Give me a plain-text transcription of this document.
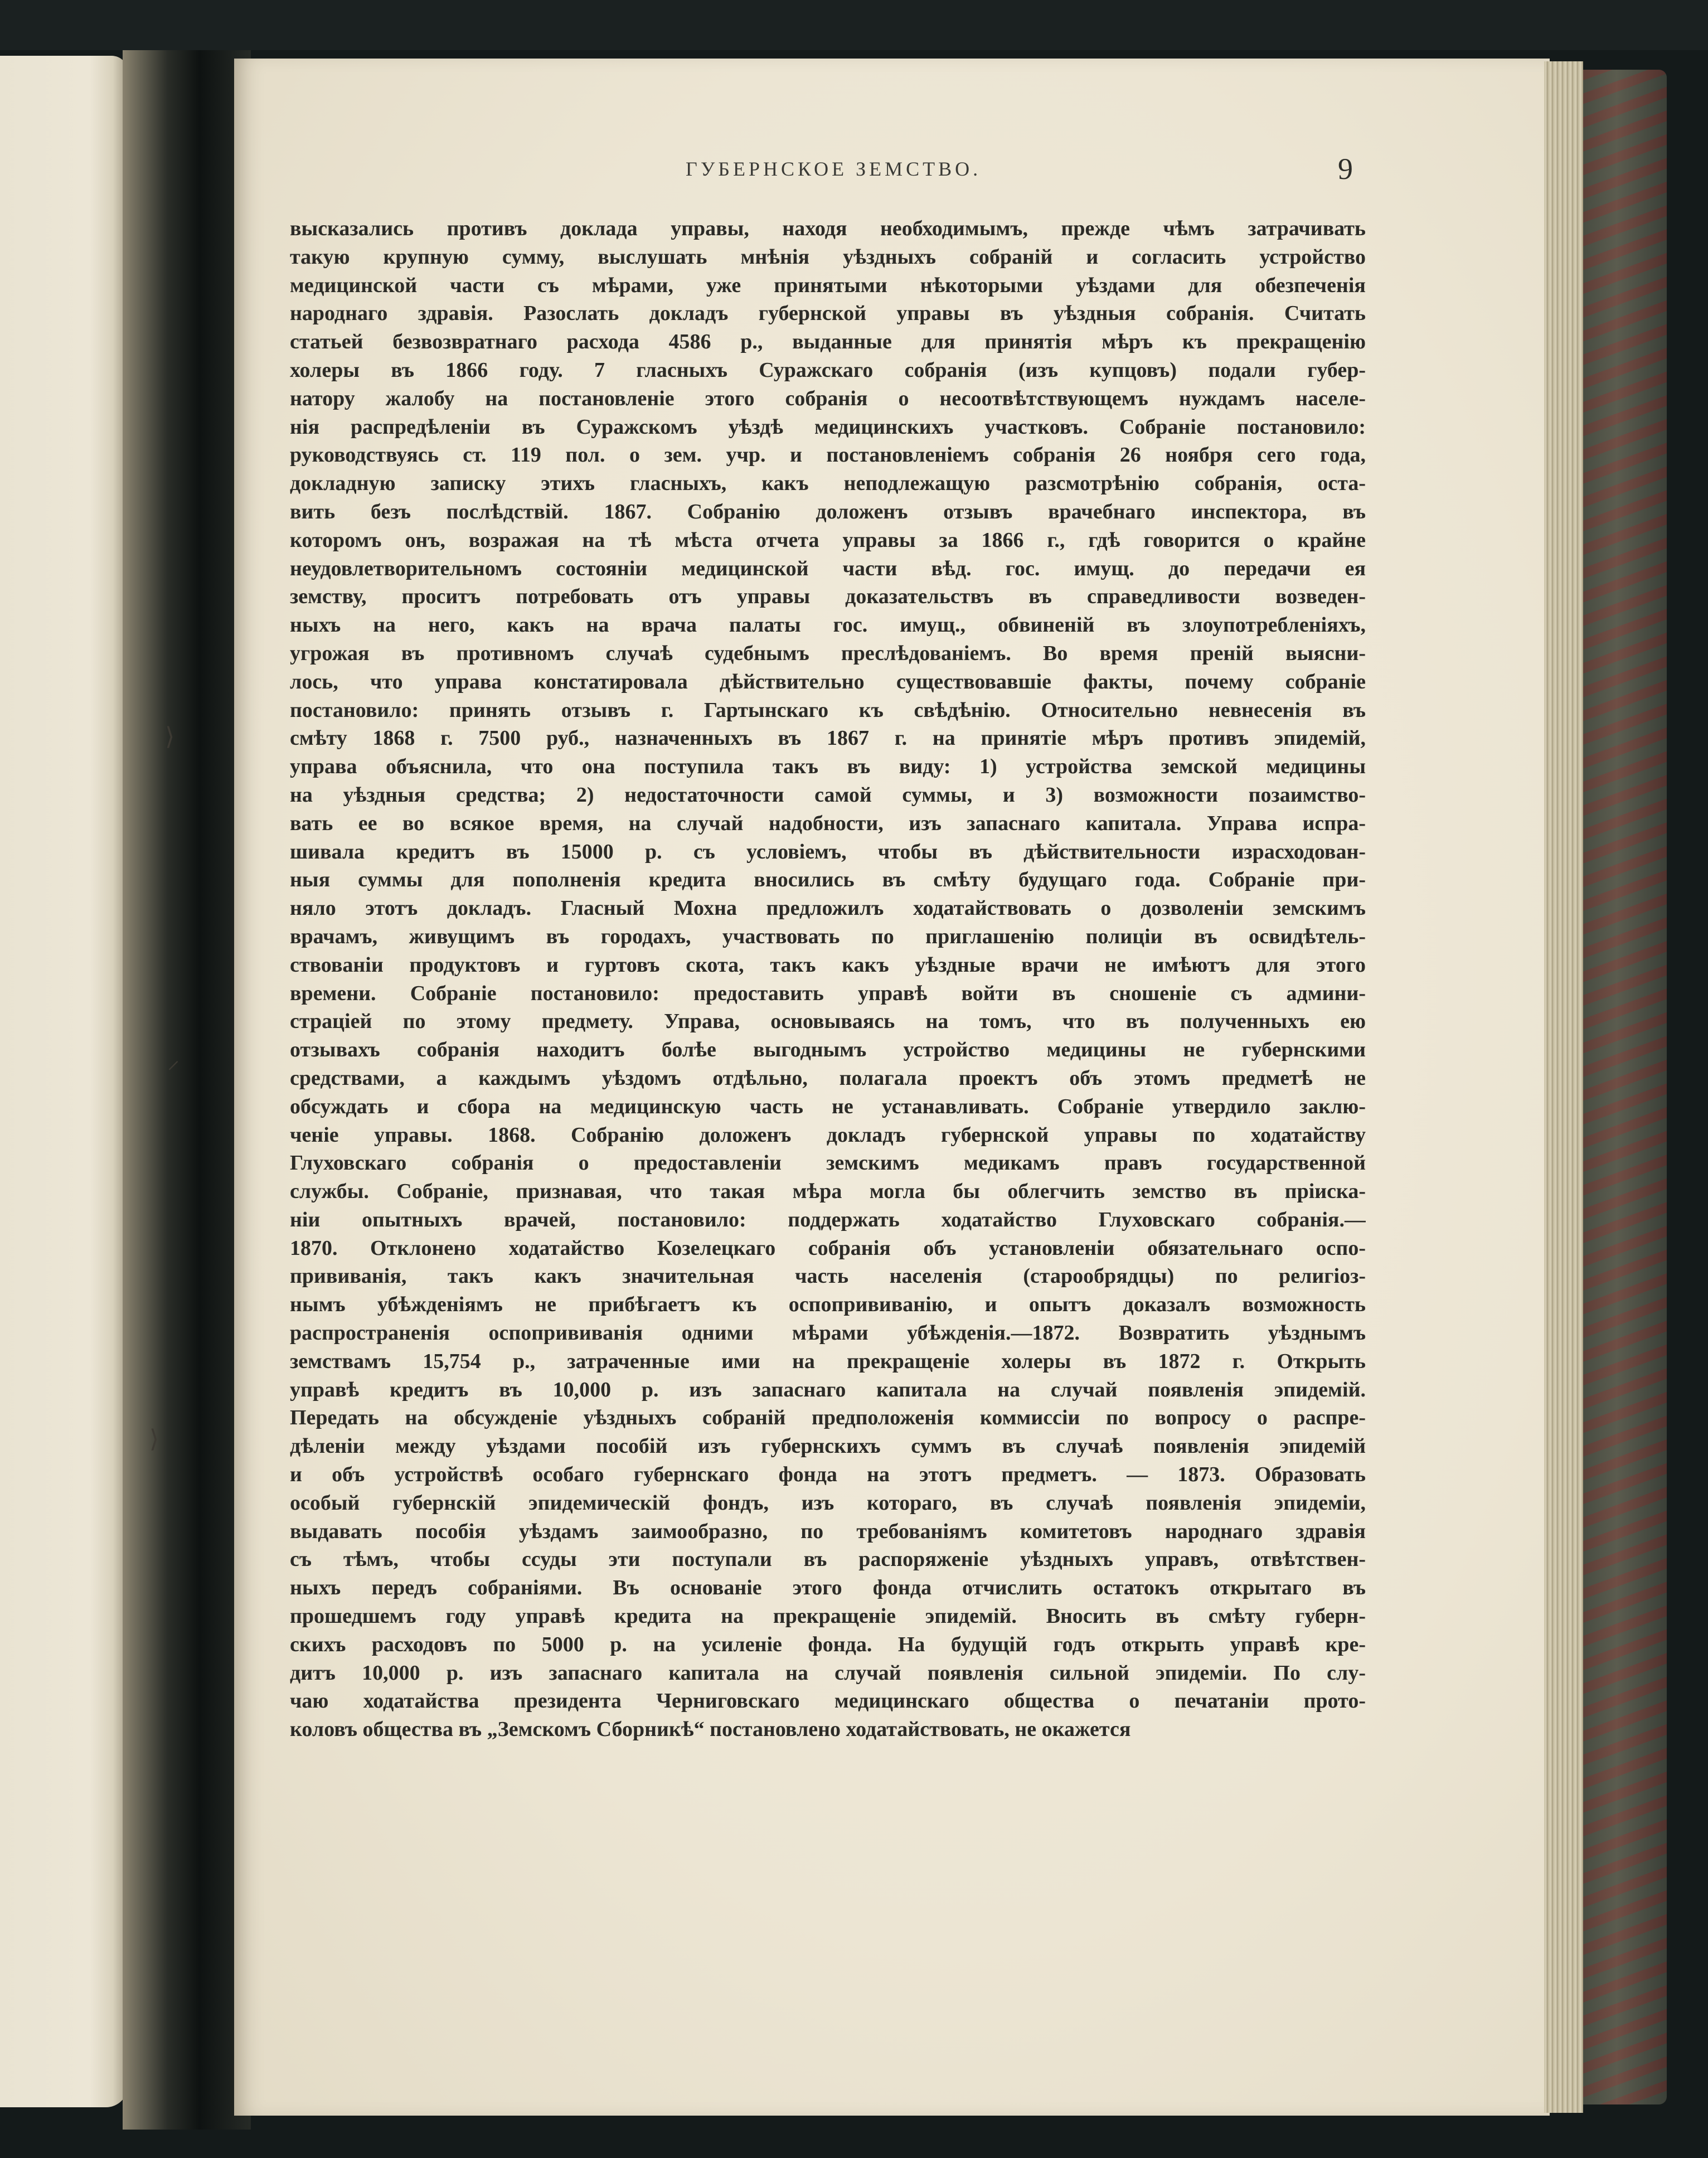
⟩
⸝
⟩
ГУБЕРНСКОЕ ЗЕМСТВО.	9
высказались противъ доклада управы, находя необходимымъ, прежде чѣмъ затрачивать
такую крупную сумму, выслушать мнѣнія уѣздныхъ собраній и согласить устройство
медицинской части съ мѣрами, уже принятыми нѣкоторыми уѣздами для обезпеченія
народнаго здравія. Разослать докладъ губернской управы въ уѣздныя собранія. Считать
статьей безвозвратнаго расхода 4586 р., выданные для принятія мѣръ къ прекращенію
холеры въ 1866 году. 7 гласныхъ Суражскаго собранія (изъ купцовъ) подали губер-
натору жалобу на постановленіе этого собранія о несоотвѣтствующемъ нуждамъ населе-
нія распредѣленіи въ Суражскомъ уѣздѣ медицинскихъ участковъ. Собраніе постановило:
руководствуясь ст. 119 пол. о зем. учр. и постановленіемъ собранія 26 ноября сего года,
докладную записку этихъ гласныхъ, какъ неподлежащую разсмотрѣнію собранія, оста-
вить безъ послѣдствій. 1867. Собранію доложенъ отзывъ врачебнаго инспектора, въ
которомъ онъ, возражая на тѣ мѣста отчета управы за 1866 г., гдѣ говорится о крайне
неудовлетворительномъ состояніи медицинской части вѣд. гос. имущ. до передачи ея
земству, проситъ потребовать отъ управы доказательствъ въ справедливости возведен-
ныхъ на него, какъ на врача палаты гос. имущ., обвиненій въ злоупотребленіяхъ,
угрожая въ противномъ случаѣ судебнымъ преслѣдованіемъ. Во время преній выясни-
лось, что управа констатировала дѣйствительно существовавшіе факты, почему собраніе
постановило: принять отзывъ г. Гартынскаго къ свѣдѣнію. Относительно невнесенія въ
смѣту 1868 г. 7500 руб., назначенныхъ въ 1867 г. на принятіе мѣръ противъ эпидемій,
управа объяснила, что она поступила такъ въ виду: 1) устройства земской медицины
на уѣздныя средства; 2) недостаточности самой суммы, и 3) возможности позаимство-
вать ее во всякое время, на случай надобности, изъ запаснаго капитала. Управа испра-
шивала кредитъ въ 15000 р. съ условіемъ, чтобы въ дѣйствительности израсходован-
ныя суммы для пополненія кредита вносились въ смѣту будущаго года. Собраніе при-
няло этотъ докладъ. Гласный Мохна предложилъ ходатайствовать о дозволеніи земскимъ
врачамъ, живущимъ въ городахъ, участвовать по приглашенію полиціи въ освидѣтель-
ствованіи продуктовъ и гуртовъ скота, такъ какъ уѣздные врачи не имѣютъ для этого
времени. Собраніе постановило: предоставить управѣ войти въ сношеніе съ админи-
страціей по этому предмету. Управа, основываясь на томъ, что въ полученныхъ ею
отзывахъ собранія находитъ болѣе выгоднымъ устройство медицины не губернскими
средствами, а каждымъ уѣздомъ отдѣльно, полагала проектъ объ этомъ предметѣ не
обсуждать и сбора на медицинскую часть не устанавливать. Собраніе утвердило заклю-
ченіе управы. 1868. Собранію доложенъ докладъ губернской управы по ходатайству
Глуховскаго собранія о предоставленіи земскимъ медикамъ правъ государственной
службы. Собраніе, признавая, что такая мѣра могла бы облегчить земство въ пріиска-
ніи опытныхъ врачей, постановило: поддержать ходатайство Глуховскаго собранія.—
1870. Отклонено ходатайство Козелецкаго собранія объ установленіи обязательнаго оспо-
прививанія, такъ какъ значительная часть населенія (старообрядцы) по религіоз-
нымъ убѣжденіямъ не прибѣгаетъ къ оспопрививанію, и опытъ доказалъ возможность
распространенія оспопрививанія одними мѣрами убѣжденія.—1872. Возвратить уѣзднымъ
земствамъ 15,754 р., затраченные ими на прекращеніе холеры въ 1872 г. Открыть
управѣ кредитъ въ 10,000 р. изъ запаснаго капитала на случай появленія эпидемій.
Передать на обсужденіе уѣздныхъ собраній предположенія коммиссіи по вопросу о распре-
дѣленіи между уѣздами пособій изъ губернскихъ суммъ въ случаѣ появленія эпидемій
и объ устройствѣ особаго губернскаго фонда на этотъ предметъ. — 1873. Образовать
особый губернскій эпидемическій фондъ, изъ котораго, въ случаѣ появленія эпидеміи,
выдавать пособія уѣздамъ заимообразно, по требованіямъ комитетовъ народнаго здравія
съ тѣмъ, чтобы ссуды эти поступали въ распоряженіе уѣздныхъ управъ, отвѣтствен-
ныхъ передъ собраніями. Въ основаніе этого фонда отчислить остатокъ открытаго въ
прошедшемъ году управѣ кредита на прекращеніе эпидемій. Вносить въ смѣту губерн-
скихъ расходовъ по 5000 р. на усиленіе фонда. На будущій годъ открыть управѣ кре-
дитъ 10,000 р. изъ запаснаго капитала на случай появленія сильной эпидеміи. По слу-
чаю ходатайства президента Черниговскаго медицинскаго общества о печатаніи прото-
коловъ общества въ „Земскомъ Сборникѣ“ постановлено ходатайствовать, не окажется
